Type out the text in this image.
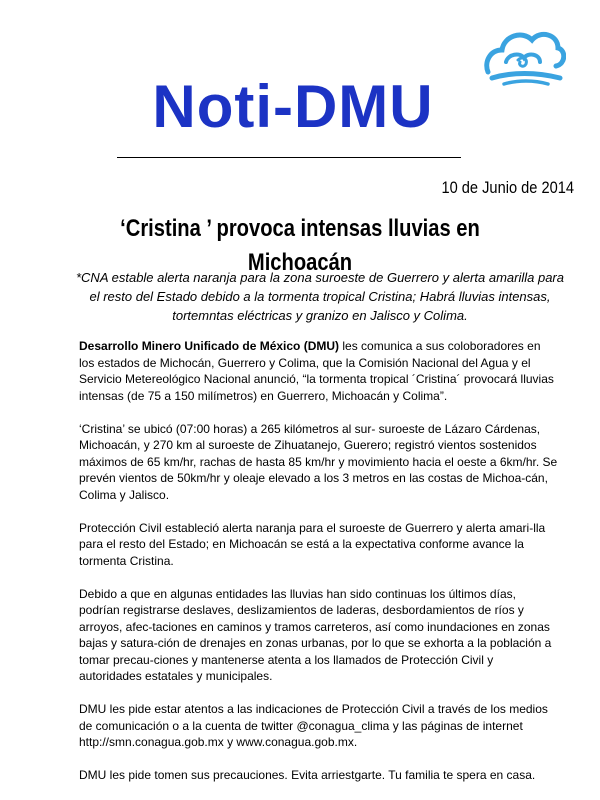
Noti-DMU
10 de Junio de 2014
‘Cristina ’ provoca intensas lluvias en Michoacán

*CNA estable alerta naranja para la zona suroeste de Guerrero y alerta amarilla para el resto del Estado debido a la tormenta tropical Cristina; Habrá lluvias intensas, tortemntas eléctricas y granizo en Jalisco y Colima.

Desarrollo Minero Unificado de México (DMU) les comunica a sus coloboradores en los estados de Michocán, Guerrero y Colima, que la Comisión Nacional del Agua y el Servicio Metereológico Nacional anunció, “la tormenta tropical ´Cristina´ provocará lluvias intensas (de 75 a 150 milímetros) en Guerrero, Michoacán y Colima”.

‘Cristina’ se ubicó (07:00 horas) a 265 kilómetros al sur- suroeste de Lázaro Cárdenas, Michoacán, y 270 km al suroeste de Zihuatanejo, Guerero; registró vientos sostenidos máximos de 65 km/hr, rachas de hasta 85 km/hr y movimiento hacia el oeste a 6km/hr. Se prevén vientos de 50km/hr y oleaje elevado a los 3 metros en las costas de Michoa-cán, Colima y Jalisco.

Protección Civil estableció alerta naranja para el suroeste de Guerrero y alerta amari-lla para el resto del Estado; en Michoacán se está a la expectativa conforme avance la tormenta Cristina.

Debido a que en algunas entidades las lluvias han sido continuas los últimos días, podrían registrarse deslaves, deslizamientos de laderas, desbordamientos de ríos y arroyos, afec-taciones en caminos y tramos carreteros, así como inundaciones en zonas bajas y satura-ción de drenajes en zonas urbanas, por lo que se exhorta a la población a tomar precau-ciones y mantenerse atenta a los llamados de Protección Civil y autoridades estatales y municipales.

DMU les pide estar atentos a las indicaciones de Protección Civil a través de los medios de comunicación o a la cuenta de twitter @conagua_clima y las páginas de internet http://smn.conagua.gob.mx y www.conagua.gob.mx.

DMU les pide tomen sus precauciones. Evita arriestgarte. Tu familia te spera en casa.
